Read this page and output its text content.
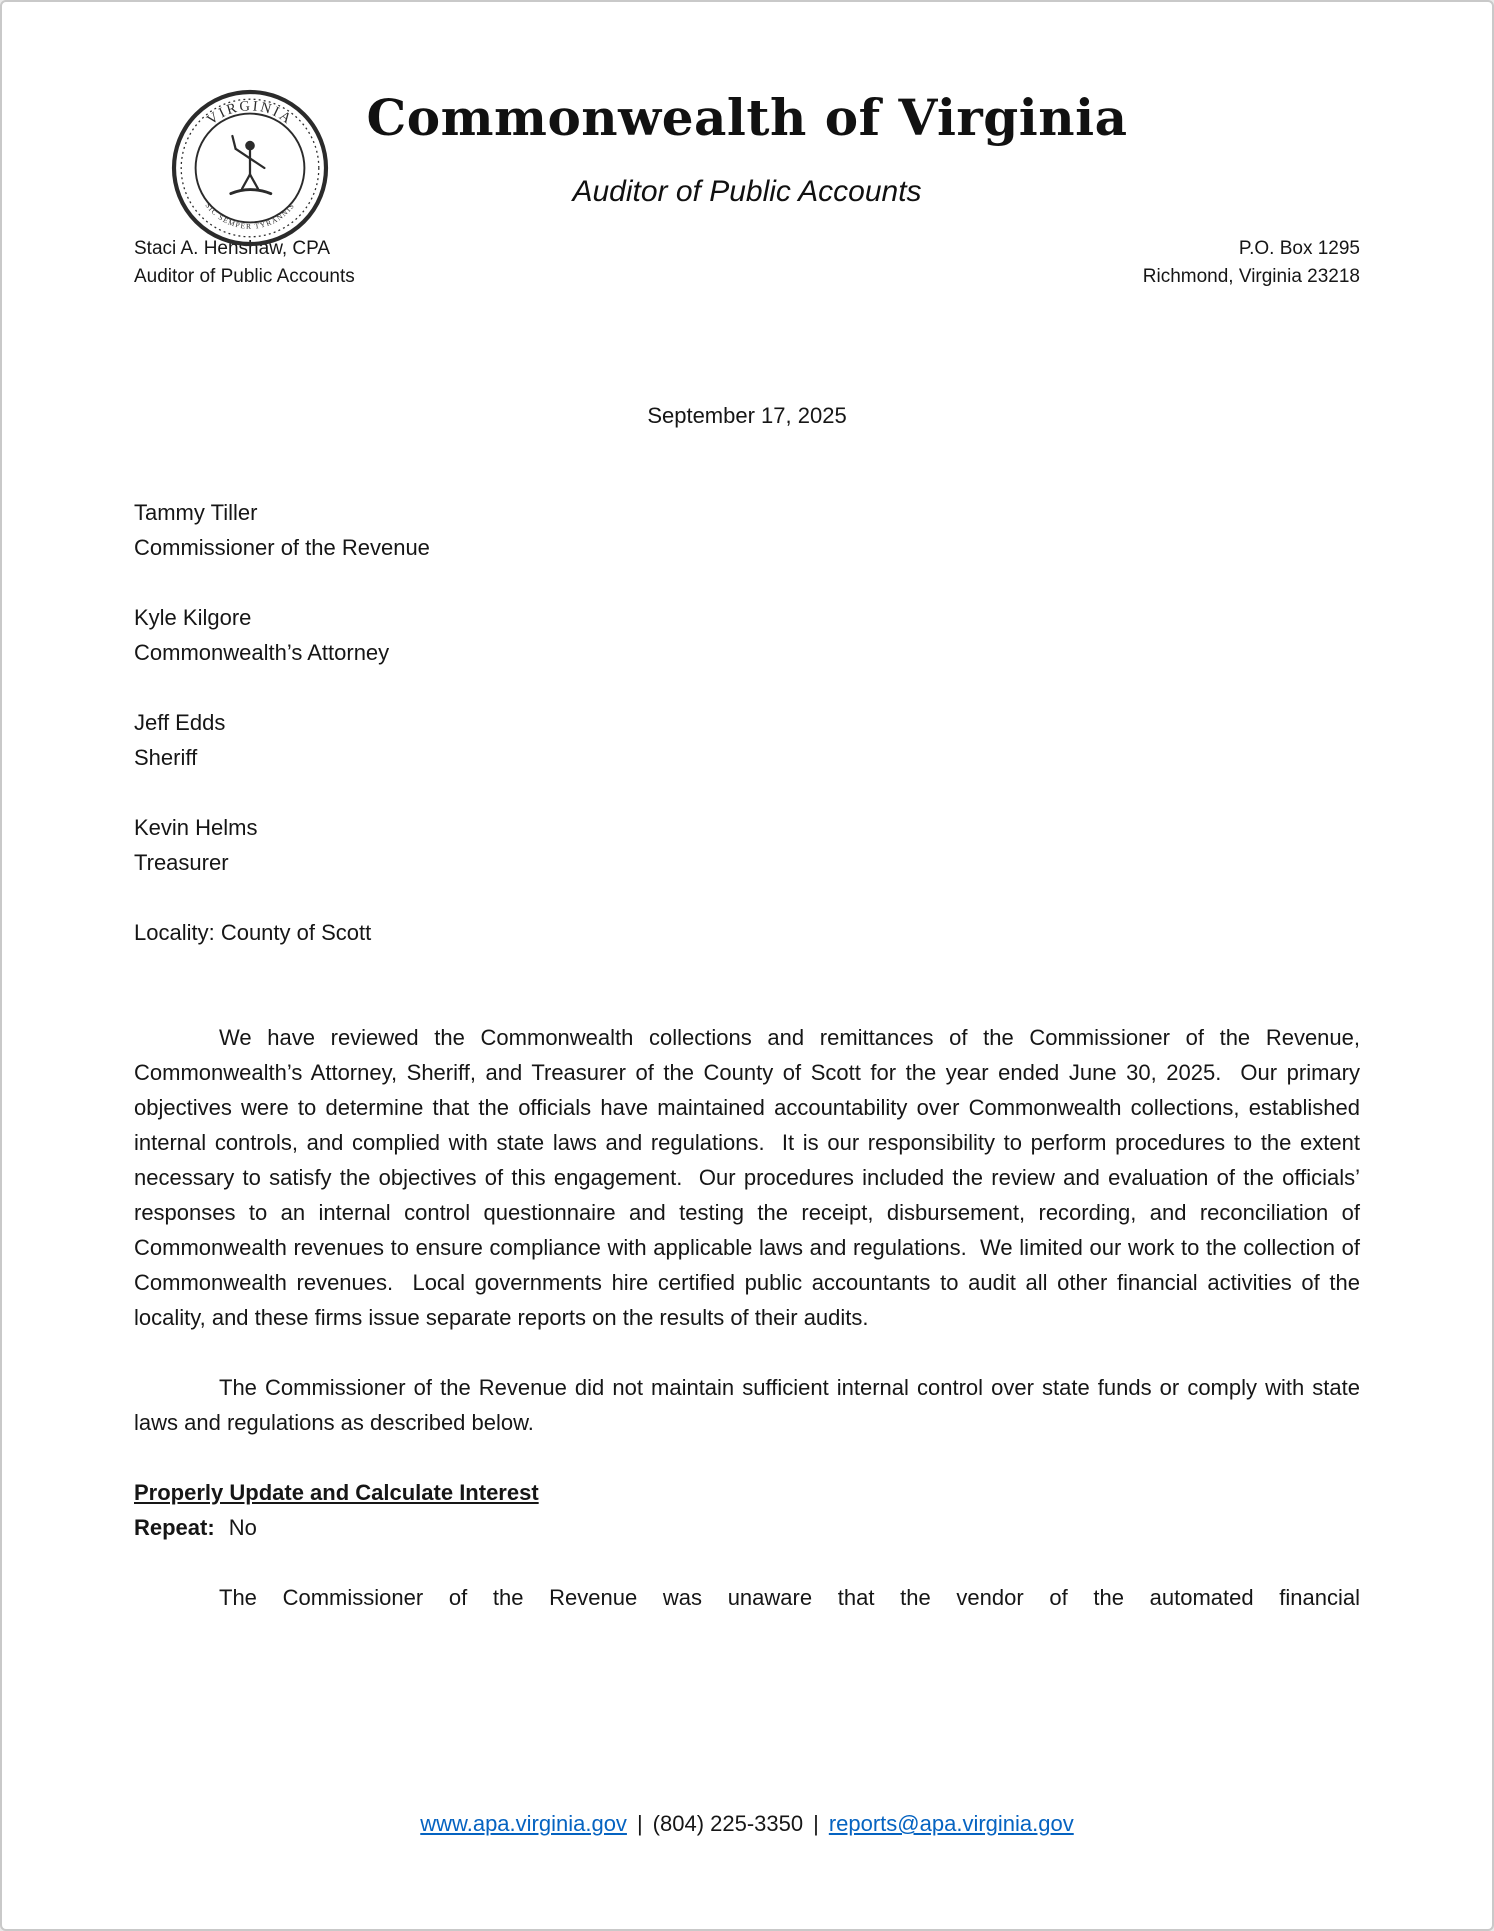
VIRGINIA
SIC SEMPER TYRANNIS
Commonwealth of Virginia
Auditor of Public Accounts
Staci A. Henshaw, CPA
Auditor of Public Accounts
P.O. Box 1295
Richmond, Virginia 23218
September 17, 2025
Tammy Tiller
Commissioner of the Revenue
Kyle Kilgore
Commonwealth’s Attorney
Jeff Edds
Sheriff
Kevin Helms
Treasurer
Locality: County of Scott
We have reviewed the Commonwealth collections and remittances of the Commissioner of the Revenue, Commonwealth’s Attorney, Sheriff, and Treasurer of the County of Scott for the year ended June 30, 2025.  Our primary objectives were to determine that the officials have maintained accountability over Commonwealth collections, established internal controls, and complied with state laws and regulations.  It is our responsibility to perform procedures to the extent necessary to satisfy the objectives of this engagement.  Our procedures included the review and evaluation of the officials’ responses to an internal control questionnaire and testing the receipt, disbursement, recording, and reconciliation of Commonwealth revenues to ensure compliance with applicable laws and regulations.  We limited our work to the collection of Commonwealth revenues.  Local governments hire certified public accountants to audit all other financial activities of the locality, and these firms issue separate reports on the results of their audits.
The Commissioner of the Revenue did not maintain sufficient internal control over state funds or comply with state laws and regulations as described below.
Properly Update and Calculate Interest
Repeat: No
The Commissioner of the Revenue was unaware that the vendor of the automated financial
www.apa.virginia.gov | (804) 225-3350 | reports@apa.virginia.gov
